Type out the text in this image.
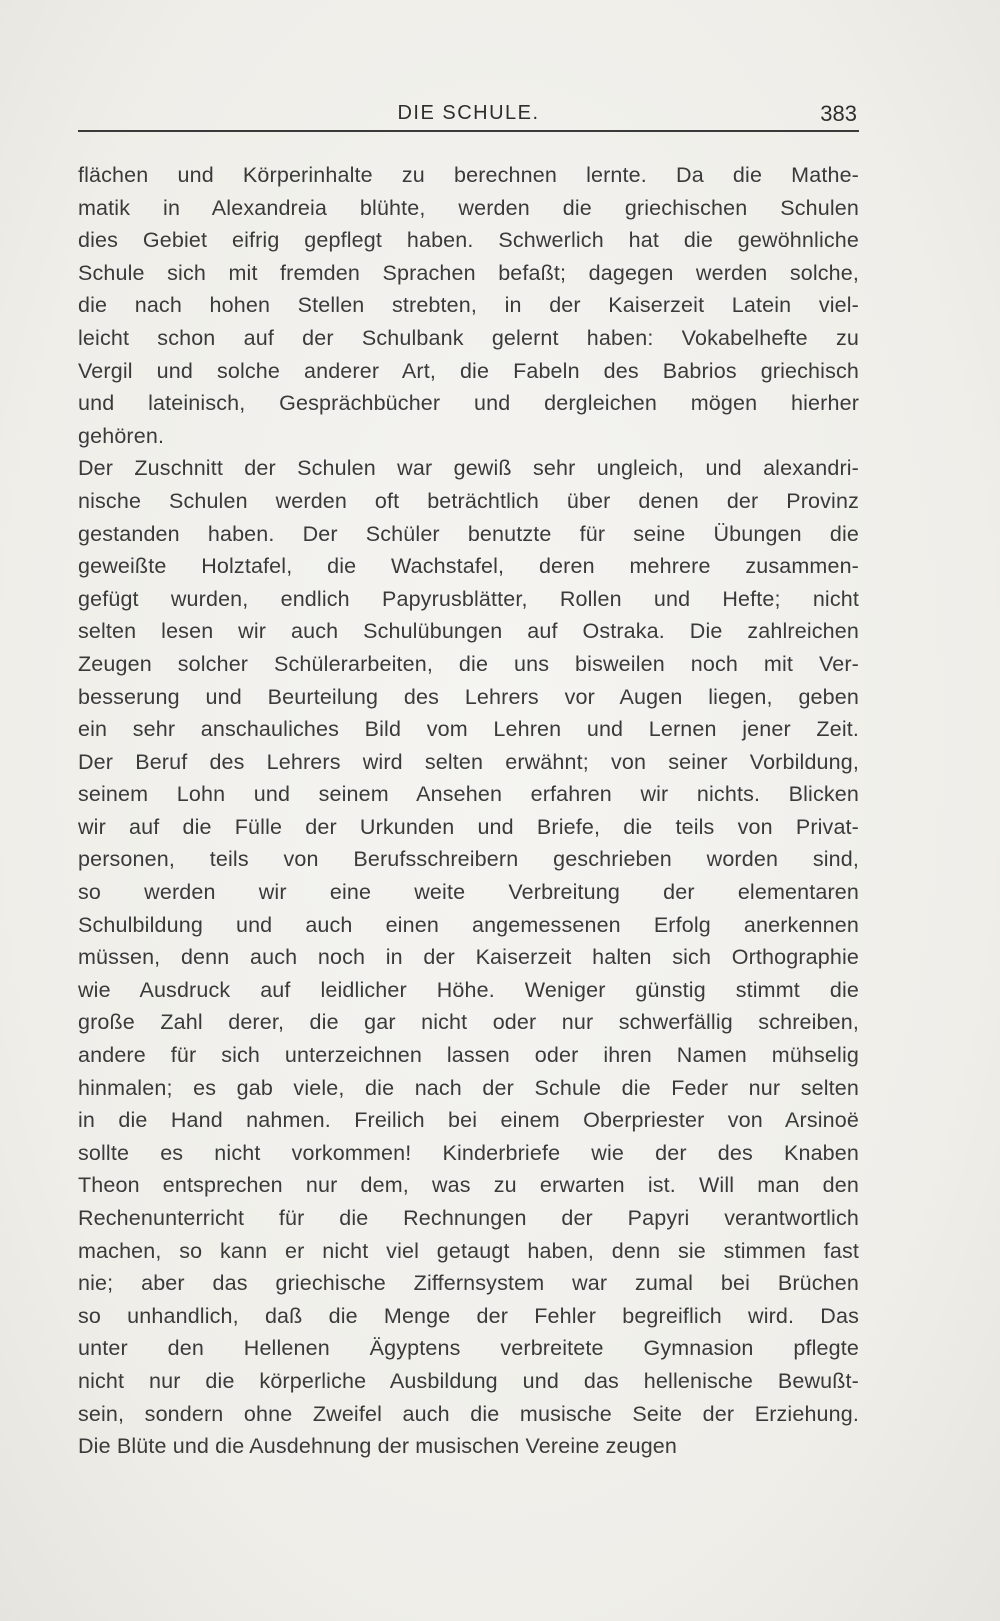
DIE SCHULE.	383
flächen und Körperinhalte zu berechnen lernte. Da die Mathe-
matik in Alexandreia blühte, werden die griechischen Schulen
dies Gebiet eifrig gepflegt haben. Schwerlich hat die gewöhnliche
Schule sich mit fremden Sprachen befaßt; dagegen werden solche,
die nach hohen Stellen strebten, in der Kaiserzeit Latein viel-
leicht schon auf der Schulbank gelernt haben: Vokabelhefte zu
Vergil und solche anderer Art, die Fabeln des Babrios griechisch
und lateinisch, Gesprächbücher und dergleichen mögen hierher
gehören.
Der Zuschnitt der Schulen war gewiß sehr ungleich, und alexandri-
nische Schulen werden oft beträchtlich über denen der Provinz
gestanden haben. Der Schüler benutzte für seine Übungen die
geweißte Holztafel, die Wachstafel, deren mehrere zusammen-
gefügt wurden, endlich Papyrusblätter, Rollen und Hefte; nicht
selten lesen wir auch Schulübungen auf Ostraka. Die zahlreichen
Zeugen solcher Schülerarbeiten, die uns bisweilen noch mit Ver-
besserung und Beurteilung des Lehrers vor Augen liegen, geben
ein sehr anschauliches Bild vom Lehren und Lernen jener Zeit.
Der Beruf des Lehrers wird selten erwähnt; von seiner Vorbildung,
seinem Lohn und seinem Ansehen erfahren wir nichts. Blicken
wir auf die Fülle der Urkunden und Briefe, die teils von Privat-
personen, teils von Berufsschreibern geschrieben worden sind,
so werden wir eine weite Verbreitung der elementaren
Schulbildung und auch einen angemessenen Erfolg anerkennen
müssen, denn auch noch in der Kaiserzeit halten sich Orthographie
wie Ausdruck auf leidlicher Höhe. Weniger günstig stimmt die
große Zahl derer, die gar nicht oder nur schwerfällig schreiben,
andere für sich unterzeichnen lassen oder ihren Namen mühselig
hinmalen; es gab viele, die nach der Schule die Feder nur selten
in die Hand nahmen. Freilich bei einem Oberpriester von Arsinoë
sollte es nicht vorkommen! Kinderbriefe wie der des Knaben
Theon entsprechen nur dem, was zu erwarten ist. Will man den
Rechenunterricht für die Rechnungen der Papyri verantwortlich
machen, so kann er nicht viel getaugt haben, denn sie stimmen fast
nie; aber das griechische Ziffernsystem war zumal bei Brüchen
so unhandlich, daß die Menge der Fehler begreiflich wird. Das
unter den Hellenen Ägyptens verbreitete Gymnasion pflegte
nicht nur die körperliche Ausbildung und das hellenische Bewußt-
sein, sondern ohne Zweifel auch die musische Seite der Erziehung.
Die Blüte und die Ausdehnung der musischen Vereine zeugen
